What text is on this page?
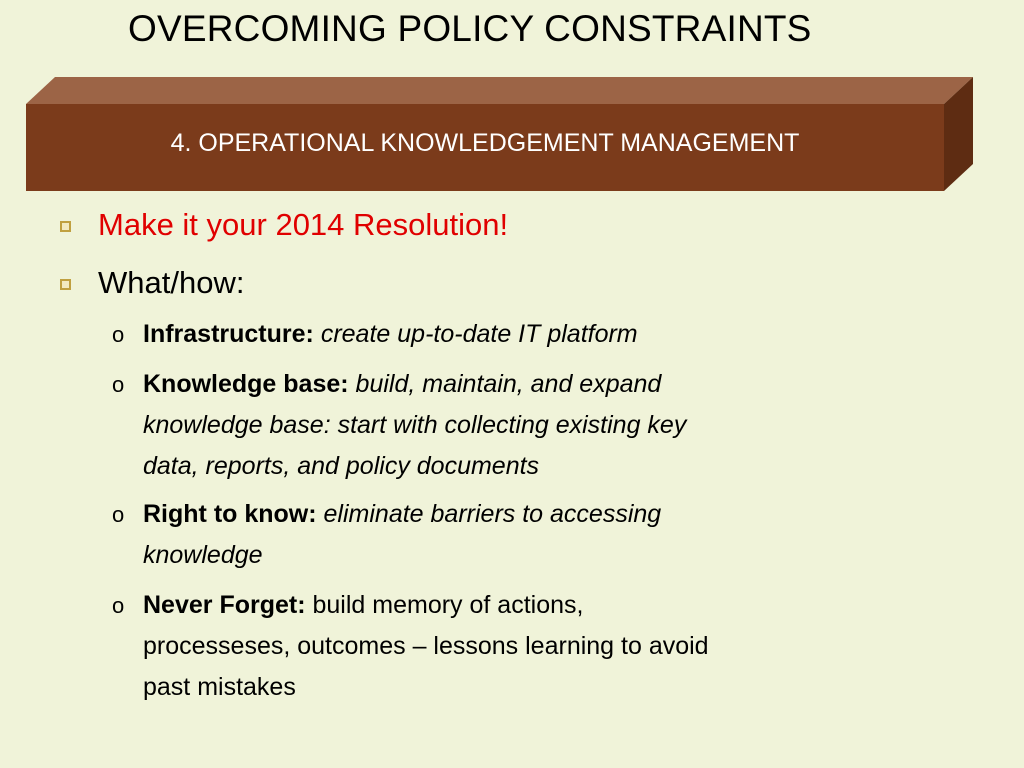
OVERCOMING POLICY CONSTRAINTS
4. OPERATIONAL KNOWLEDGEMENT MANAGEMENT
Make it your 2014 Resolution!
What/how:
o Infrastructure: create up-to-date IT platform
o Knowledge base: build, maintain, and expand
knowledge base: start with collecting existing key
data, reports, and policy documents
o Right to know: eliminate barriers to accessing
knowledge
o Never Forget: build memory of actions,
processeses, outcomes – lessons learning to avoid
past mistakes
